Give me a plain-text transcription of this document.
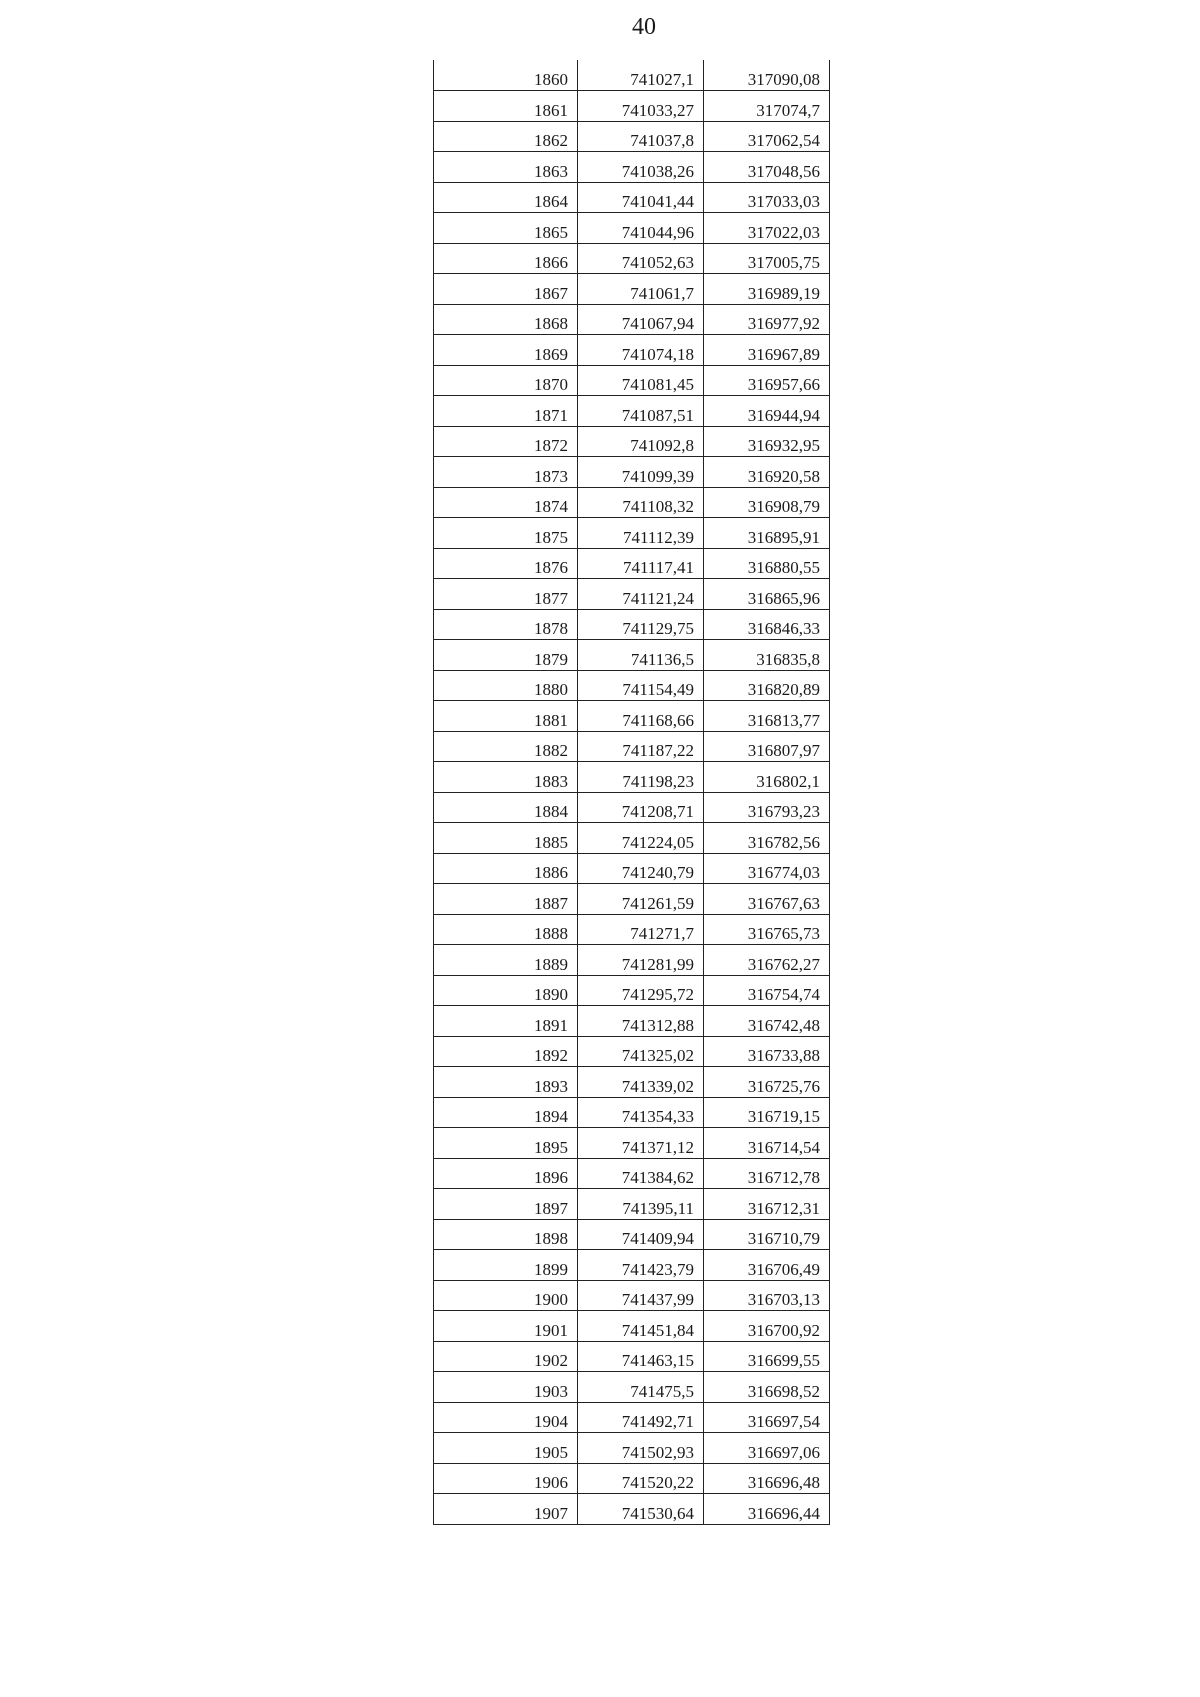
40
1860	741027,1	317090,08
1861	741033,27	317074,7
1862	741037,8	317062,54
1863	741038,26	317048,56
1864	741041,44	317033,03
1865	741044,96	317022,03
1866	741052,63	317005,75
1867	741061,7	316989,19
1868	741067,94	316977,92
1869	741074,18	316967,89
1870	741081,45	316957,66
1871	741087,51	316944,94
1872	741092,8	316932,95
1873	741099,39	316920,58
1874	741108,32	316908,79
1875	741112,39	316895,91
1876	741117,41	316880,55
1877	741121,24	316865,96
1878	741129,75	316846,33
1879	741136,5	316835,8
1880	741154,49	316820,89
1881	741168,66	316813,77
1882	741187,22	316807,97
1883	741198,23	316802,1
1884	741208,71	316793,23
1885	741224,05	316782,56
1886	741240,79	316774,03
1887	741261,59	316767,63
1888	741271,7	316765,73
1889	741281,99	316762,27
1890	741295,72	316754,74
1891	741312,88	316742,48
1892	741325,02	316733,88
1893	741339,02	316725,76
1894	741354,33	316719,15
1895	741371,12	316714,54
1896	741384,62	316712,78
1897	741395,11	316712,31
1898	741409,94	316710,79
1899	741423,79	316706,49
1900	741437,99	316703,13
1901	741451,84	316700,92
1902	741463,15	316699,55
1903	741475,5	316698,52
1904	741492,71	316697,54
1905	741502,93	316697,06
1906	741520,22	316696,48
1907	741530,64	316696,44
